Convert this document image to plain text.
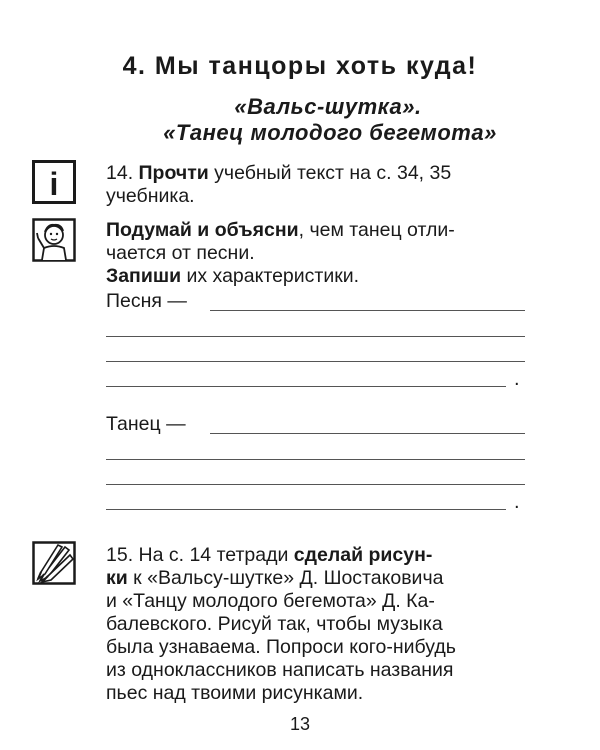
4. Мы танцоры хоть куда!
«Вальс-шутка».
«Танец молодого бегемота»
i 14. Прочти учебный текст на с. 34, 35
учебника.
Подумай и объясни, чем танец отли-
чается от песни.
Запиши их характеристики.
Песня —
.
Танец —
.
15. На с. 14 тетради сделай рисун-
ки к «Вальсу-шутке» Д. Шостаковича
и «Танцу молодого бегемота» Д. Ка-
балевского. Рисуй так, чтобы музыка
была узнаваема. Попроси кого-нибудь
из одноклассников написать названия
пьес над твоими рисунками.
13
